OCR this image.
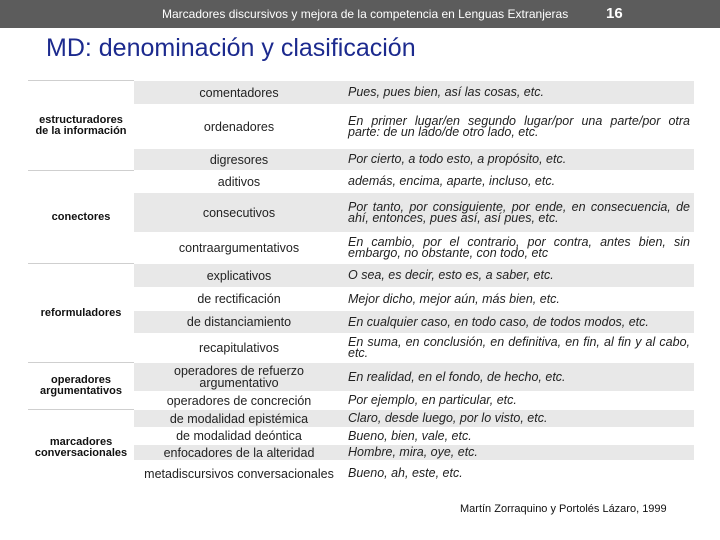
Marcadores discursivos y mejora de la competencia en Lenguas Extranjeras	16
MD: denominación y clasificación
estructuradores de la información	comentadores	Pues, pues bien, así las cosas, etc.
	ordenadores	En primer lugar/en segundo lugar/por una parte/por otra parte: de un lado/de otro lado, etc.
	digresores	Por cierto, a todo esto, a propósito, etc.
conectores	aditivos	además, encima, aparte, incluso, etc.
	consecutivos	Por tanto, por consiguiente, por ende, en consecuencia, de ahí, entonces, pues así, así pues, etc.
	contraargumentativos	En cambio, por el contrario, por contra, antes bien, sin embargo, no obstante, con todo, etc
reformuladores	explicativos	O sea, es decir, esto es, a saber, etc.
	de rectificación	Mejor dicho, mejor aún, más bien, etc.
	de distanciamiento	En cualquier caso, en todo caso, de todos modos, etc.
	recapitulativos	En suma, en conclusión, en definitiva, en fin, al fin y al cabo, etc.
operadores argumentativos	operadores de refuerzo argumentativo	En realidad, en el fondo, de hecho, etc.
	operadores de concreción	Por ejemplo, en particular, etc.
marcadores conversacionales	de modalidad epistémica	Claro, desde luego, por lo visto, etc.
	de modalidad deóntica	Bueno, bien, vale, etc.
	enfocadores de la alteridad	Hombre, mira, oye, etc.
	metadiscursivos conversacionales	Bueno, ah, este, etc.
Martín Zorraquino y Portolés Lázaro, 1999
